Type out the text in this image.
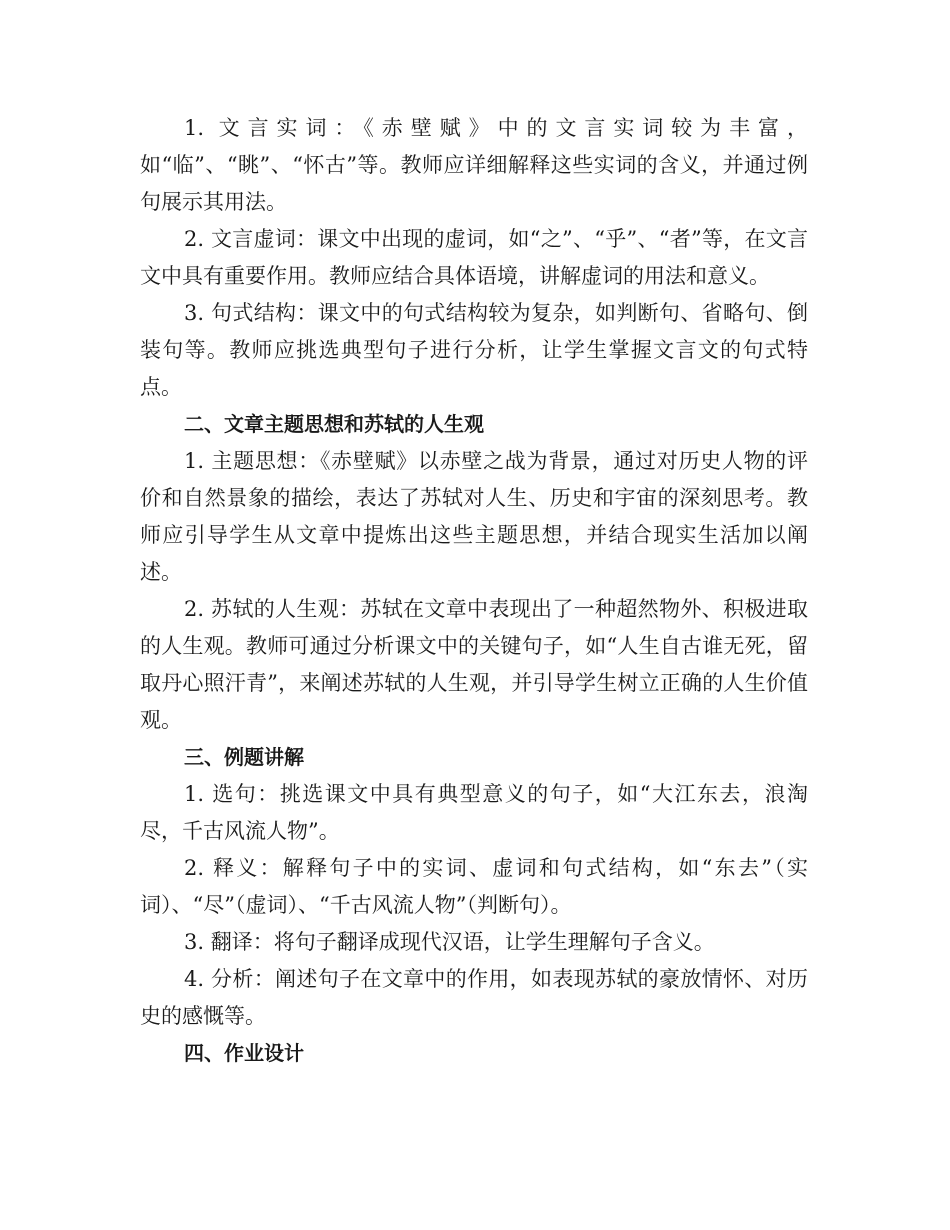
1. 文言实词：《赤壁赋》中的文言实词较为丰富，如“临”、“眺”、“怀古”等。教师应详细解释这些实词的含义，并通过例句展示其用法。

2. 文言虚词：课文中出现的虚词，如“之”、“乎”、“者”等，在文言文中具有重要作用。教师应结合具体语境，讲解虚词的用法和意义。

3. 句式结构：课文中的句式结构较为复杂，如判断句、省略句、倒装句等。教师应挑选典型句子进行分析，让学生掌握文言文的句式特点。

二、文章主题思想和苏轼的人生观

1. 主题思想：《赤壁赋》以赤壁之战为背景，通过对历史人物的评价和自然景象的描绘，表达了苏轼对人生、历史和宇宙的深刻思考。教师应引导学生从文章中提炼出这些主题思想，并结合现实生活加以阐述。

2. 苏轼的人生观：苏轼在文章中表现出了一种超然物外、积极进取的人生观。教师可通过分析课文中的关键句子，如“人生自古谁无死，留取丹心照汗青”，来阐述苏轼的人生观，并引导学生树立正确的人生价值观。

三、例题讲解

1. 选句：挑选课文中具有典型意义的句子，如“大江东去，浪淘尽，千古风流人物”。

2. 释义：解释句子中的实词、虚词和句式结构，如“东去”（实词）、“尽”（虚词）、“千古风流人物”（判断句）。

3. 翻译：将句子翻译成现代汉语，让学生理解句子含义。

4. 分析：阐述句子在文章中的作用，如表现苏轼的豪放情怀、对历史的感慨等。

四、作业设计
